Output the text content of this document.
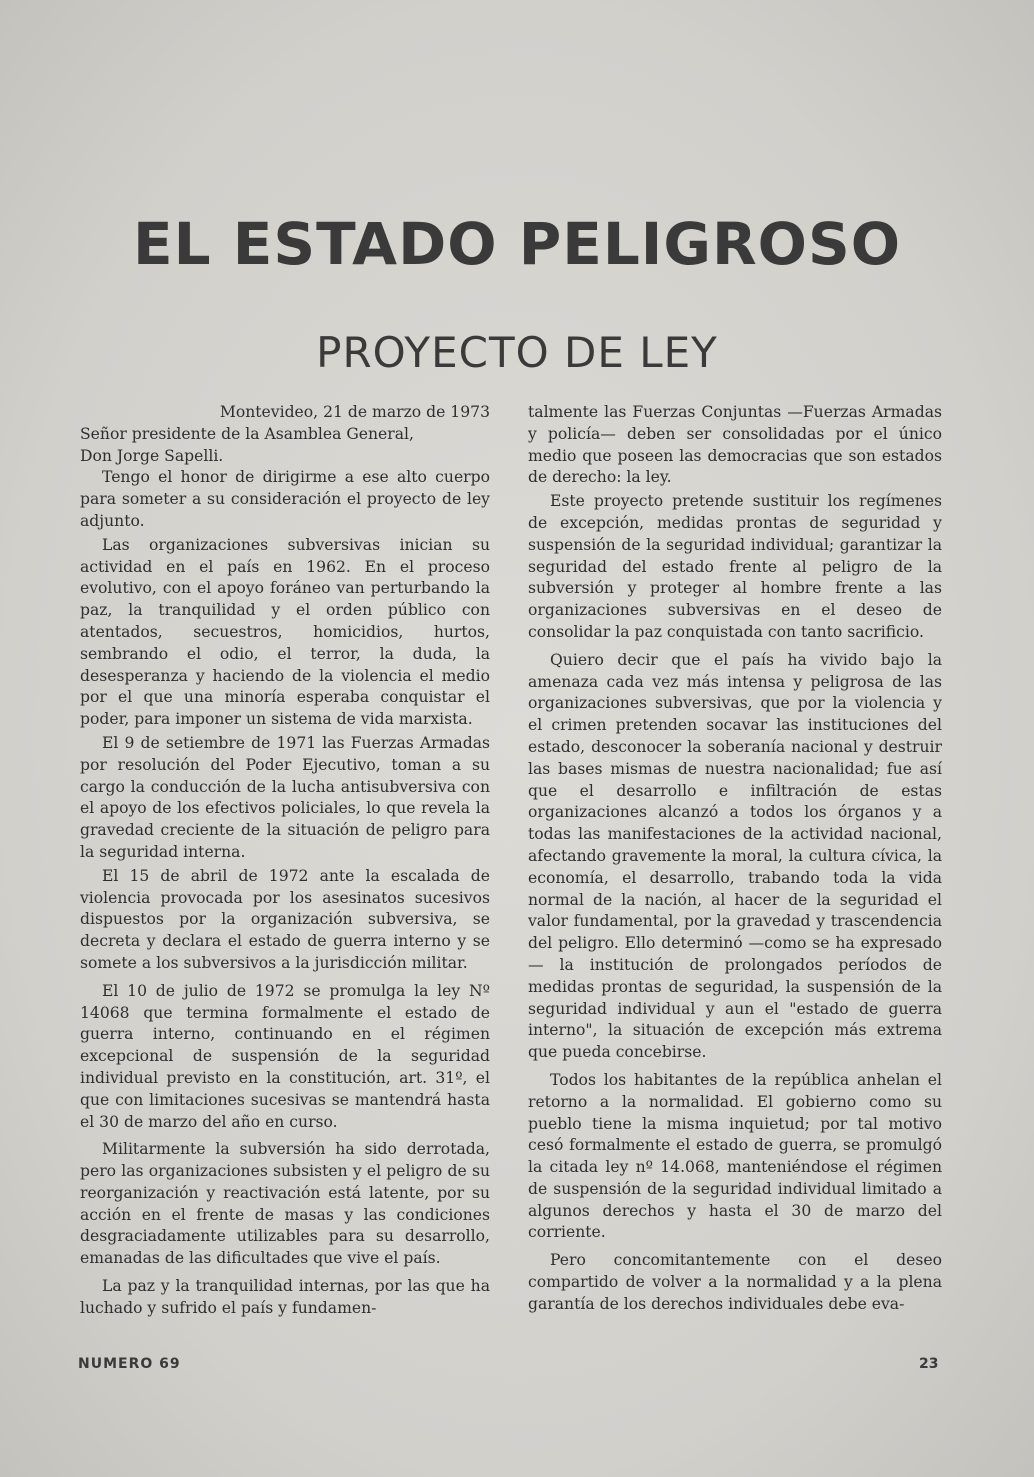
EL ESTADO PELIGROSO
PROYECTO DE LEY

Montevideo, 21 de marzo de 1973

Señor presidente de la Asamblea General,

Don Jorge Sapelli.

Tengo el honor de dirigirme a ese alto cuerpo para someter a su consideración el proyecto de ley adjunto.

Las organizaciones subversivas inician su actividad en el país en 1962. En el proceso evolutivo, con el apoyo foráneo van perturbando la paz, la tranquilidad y el orden público con atentados, secuestros, homicidios, hurtos, sembrando el odio, el terror, la duda, la desesperanza y haciendo de la violencia el medio por el que una minoría esperaba conquistar el poder, para imponer un sistema de vida marxista.

El 9 de setiembre de 1971 las Fuerzas Armadas por resolución del Poder Ejecutivo, toman a su cargo la conducción de la lucha antisubversiva con el apoyo de los efectivos policiales, lo que revela la gravedad creciente de la situación de peligro para la seguridad interna.

El 15 de abril de 1972 ante la escalada de violencia provocada por los asesinatos sucesivos dispuestos por la organización subversiva, se decreta y declara el estado de guerra interno y se somete a los subversivos a la jurisdicción militar.

El 10 de julio de 1972 se promulga la ley Nº 14068 que termina formalmente el estado de guerra interno, continuando en el régimen excepcional de suspensión de la seguridad individual previsto en la constitución, art. 31º, el que con limitaciones sucesivas se mantendrá hasta el 30 de marzo del año en curso.

Militarmente la subversión ha sido derrotada, pero las organizaciones subsisten y el peligro de su reorganización y reactivación está latente, por su acción en el frente de masas y las condiciones desgraciadamente utilizables para su desarrollo, emanadas de las dificultades que vive el país.

La paz y la tranquilidad internas, por las que ha luchado y sufrido el país y fundamen-

talmente las Fuerzas Conjuntas —Fuerzas Armadas y policía— deben ser consolidadas por el único medio que poseen las democracias que son estados de derecho: la ley.

Este proyecto pretende sustituir los regímenes de excepción, medidas prontas de seguridad y suspensión de la seguridad individual; garantizar la seguridad del estado frente al peligro de la subversión y proteger al hombre frente a las organizaciones subversivas en el deseo de consolidar la paz conquistada con tanto sacrificio.

Quiero decir que el país ha vivido bajo la amenaza cada vez más intensa y peligrosa de las organizaciones subversivas, que por la violencia y el crimen pretenden socavar las instituciones del estado, desconocer la soberanía nacional y destruir las bases mismas de nuestra nacionalidad; fue así que el desarrollo e infiltración de estas organizaciones alcanzó a todos los órganos y a todas las manifestaciones de la actividad nacional, afectando gravemente la moral, la cultura cívica, la economía, el desarrollo, trabando toda la vida normal de la nación, al hacer de la seguridad el valor fundamental, por la gravedad y trascendencia del peligro. Ello determinó —como se ha expresado— la institución de prolongados períodos de medidas prontas de seguridad, la suspensión de la seguridad individual y aun el "estado de guerra interno", la situación de excepción más extrema que pueda concebirse.

Todos los habitantes de la república anhelan el retorno a la normalidad. El gobierno como su pueblo tiene la misma inquietud; por tal motivo cesó formalmente el estado de guerra, se promulgó la citada ley nº 14.068, manteniéndose el régimen de suspensión de la seguridad individual limitado a algunos derechos y hasta el 30 de marzo del corriente.

Pero concomitantemente con el deseo compartido de volver a la normalidad y a la plena garantía de los derechos individuales debe eva-

NUMERO 69	23
